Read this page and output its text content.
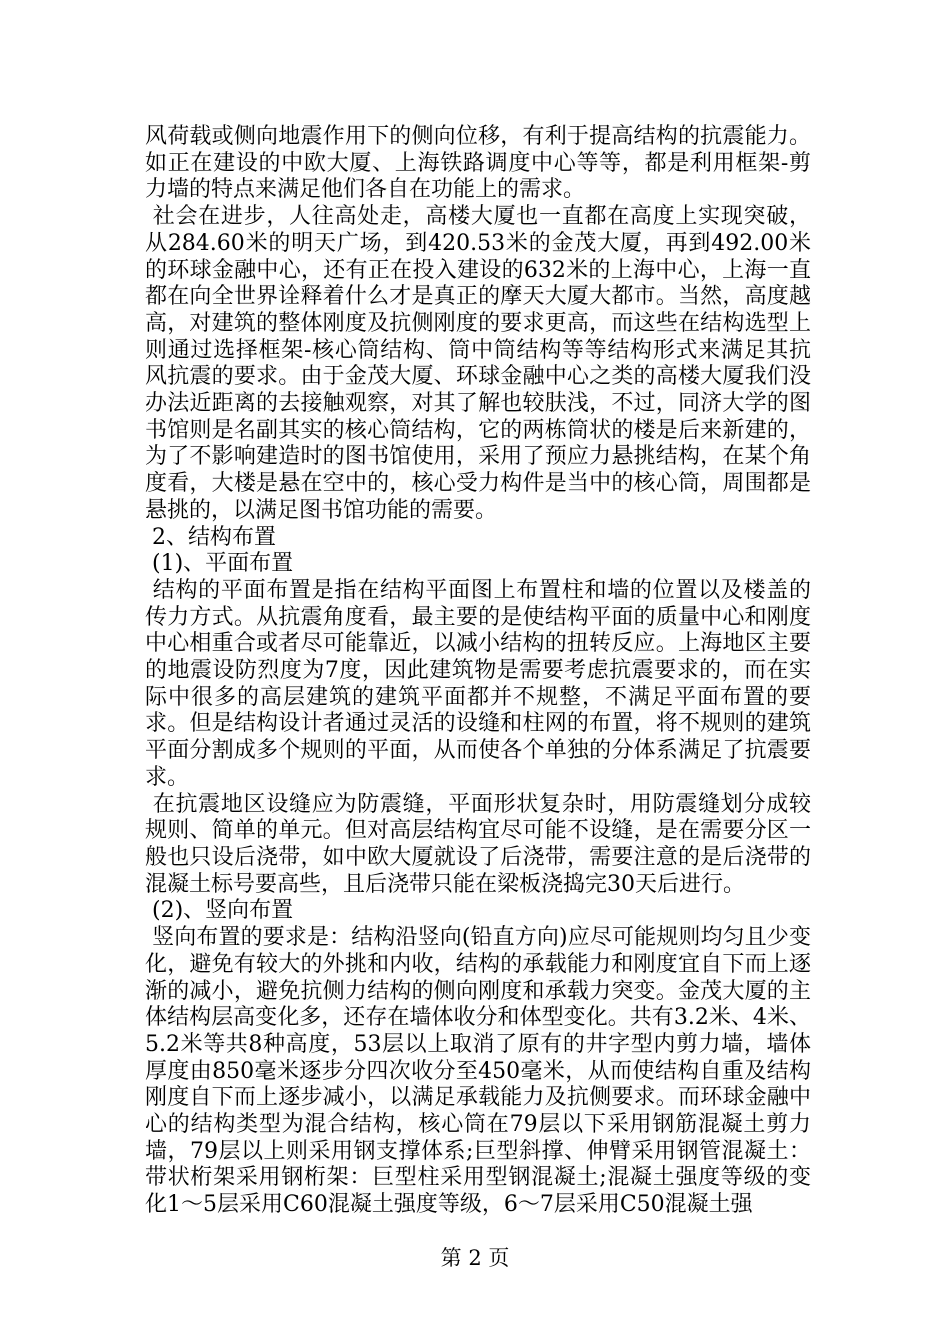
风荷载或侧向地震作用下的侧向位移，有利于提高结构的抗震能力。如正在建设的中欧大厦、上海铁路调度中心等等，都是利用框架-剪力墙的特点来满足他们各自在功能上的需求。

社会在进步，人往高处走，高楼大厦也一直都在高度上实现突破，从284.60米的明天广场，到420.53米的金茂大厦，再到492.00米的环球金融中心，还有正在投入建设的632米的上海中心，上海一直都在向全世界诠释着什么才是真正的摩天大厦大都市。当然，高度越高，对建筑的整体刚度及抗侧刚度的要求更高，而这些在结构选型上则通过选择框架-核心筒结构、筒中筒结构等等结构形式来满足其抗风抗震的要求。由于金茂大厦、环球金融中心之类的高楼大厦我们没办法近距离的去接触观察，对其了解也较肤浅，不过，同济大学的图书馆则是名副其实的核心筒结构，它的两栋筒状的楼是后来新建的，为了不影响建造时的图书馆使用，采用了预应力悬挑结构，在某个角度看，大楼是悬在空中的，核心受力构件是当中的核心筒，周围都是悬挑的，以满足图书馆功能的需要。

2、结构布置

(1)、平面布置

结构的平面布置是指在结构平面图上布置柱和墙的位置以及楼盖的传力方式。从抗震角度看，最主要的是使结构平面的质量中心和刚度中心相重合或者尽可能靠近，以减小结构的扭转反应。上海地区主要的地震设防烈度为7度，因此建筑物是需要考虑抗震要求的，而在实际中很多的高层建筑的建筑平面都并不规整，不满足平面布置的要求。但是结构设计者通过灵活的设缝和柱网的布置，将不规则的建筑平面分割成多个规则的平面，从而使各个单独的分体系满足了抗震要求。

在抗震地区设缝应为防震缝，平面形状复杂时，用防震缝划分成较规则、简单的单元。但对高层结构宜尽可能不设缝，是在需要分区一般也只设后浇带，如中欧大厦就设了后浇带，需要注意的是后浇带的混凝土标号要高些，且后浇带只能在梁板浇捣完30天后进行。

(2)、竖向布置

竖向布置的要求是：结构沿竖向(铅直方向)应尽可能规则均匀且少变化，避免有较大的外挑和内收，结构的承载能力和刚度宜自下而上逐渐的减小，避免抗侧力结构的侧向刚度和承载力突变。金茂大厦的主体结构层高变化多，还存在墙体收分和体型变化。共有3.2米、4米、5.2米等共8种高度，53层以上取消了原有的井字型内剪力墙，墙体厚度由850毫米逐步分四次收分至450毫米，从而使结构自重及结构刚度自下而上逐步减小，以满足承载能力及抗侧要求。而环球金融中心的结构类型为混合结构，核心筒在79层以下采用钢筋混凝土剪力墙，79层以上则采用钢支撑体系;巨型斜撑、伸臂采用钢管混凝土：带状桁架采用钢桁架：巨型柱采用型钢混凝土;混凝土强度等级的变化1～5层采用C60混凝土强度等级，6～7层采用C50混凝土强

第 2 页
